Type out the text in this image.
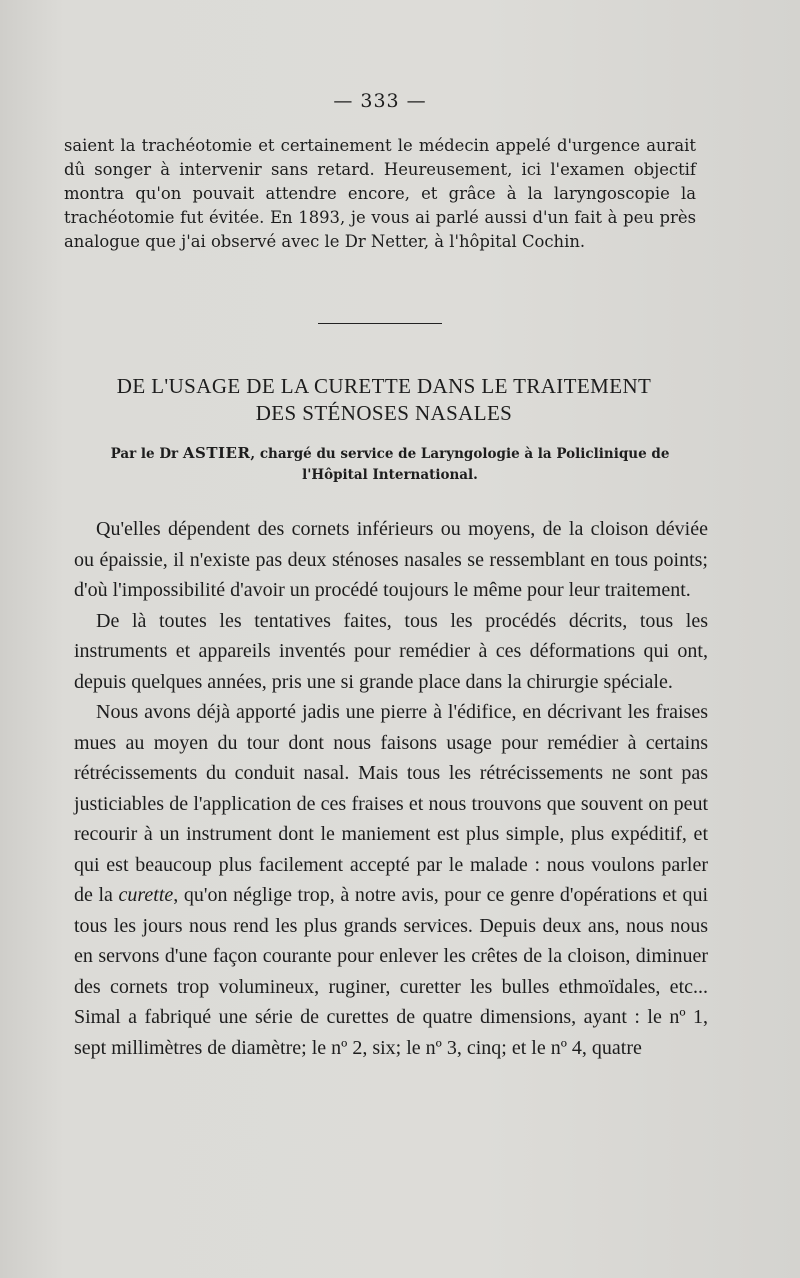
— 333 —

saient la trachéotomie et certainement le médecin appelé d'urgence aurait dû songer à intervenir sans retard. Heureusement, ici l'examen objectif montra qu'on pouvait attendre encore, et grâce à la laryngoscopie la trachéotomie fut évitée. En 1893, je vous ai parlé aussi d'un fait à peu près analogue que j'ai observé avec le Dr Netter, à l'hôpital Cochin.

DE L'USAGE DE LA CURETTE DANS LE TRAITEMENT
DES STÉNOSES NASALES
Par le Dr ASTIER, chargé du service de Laryngologie à la Policlinique de l'Hôpital International.

Qu'elles dépendent des cornets inférieurs ou moyens, de la cloison déviée ou épaissie, il n'existe pas deux sténoses nasales se ressemblant en tous points; d'où l'impossibilité d'avoir un procédé toujours le même pour leur traitement.

De là toutes les tentatives faites, tous les procédés décrits, tous les instruments et appareils inventés pour remédier à ces déformations qui ont, depuis quelques années, pris une si grande place dans la chirurgie spéciale.

Nous avons déjà apporté jadis une pierre à l'édifice, en décrivant les fraises mues au moyen du tour dont nous faisons usage pour remédier à certains rétrécissements du conduit nasal. Mais tous les rétrécissements ne sont pas justiciables de l'application de ces fraises et nous trouvons que souvent on peut recourir à un instrument dont le maniement est plus simple, plus expéditif, et qui est beaucoup plus facilement accepté par le malade : nous voulons parler de la curette, qu'on néglige trop, à notre avis, pour ce genre d'opérations et qui tous les jours nous rend les plus grands services. Depuis deux ans, nous nous en servons d'une façon courante pour enlever les crêtes de la cloison, diminuer des cornets trop volumineux, ruginer, curetter les bulles ethmoïdales, etc... Simal a fabriqué une série de curettes de quatre dimensions, ayant : le nº 1, sept millimètres de diamètre; le nº 2, six; le nº 3, cinq; et le nº 4, quatre
